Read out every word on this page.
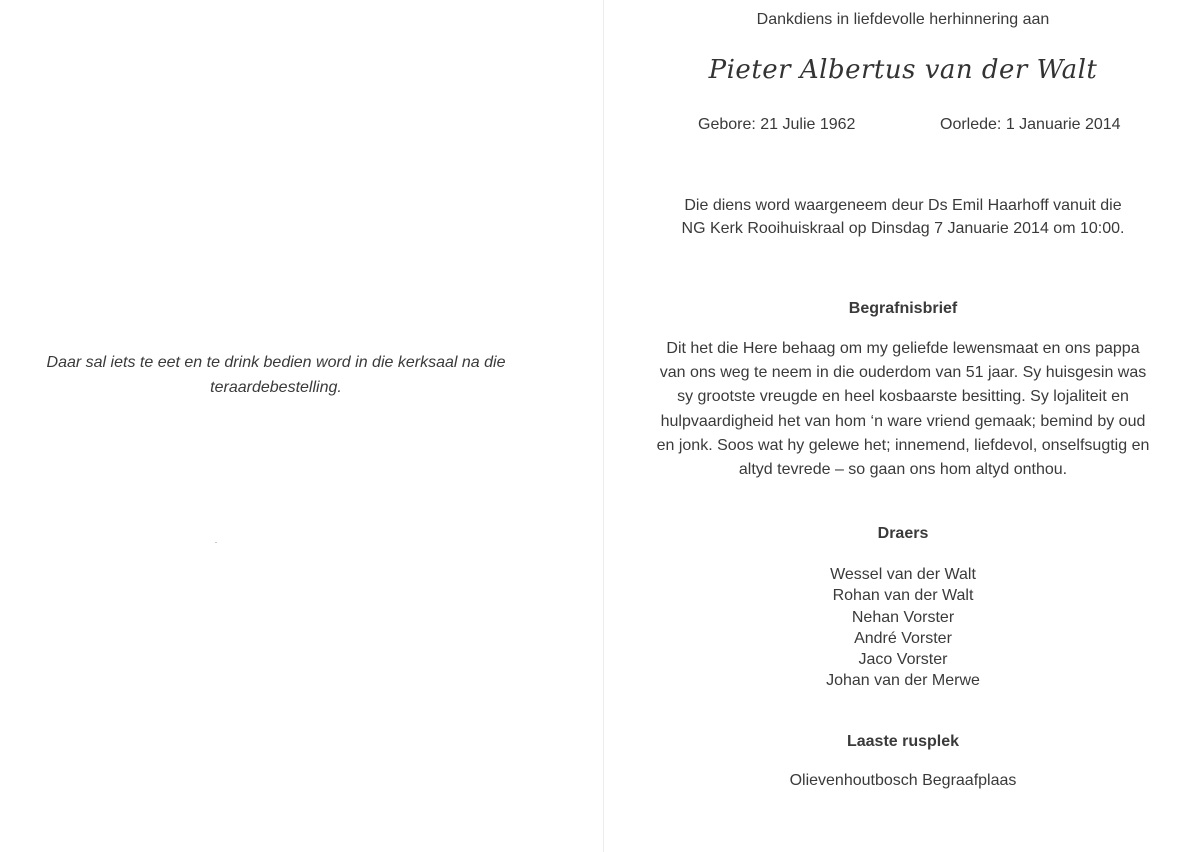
Daar sal iets te eet en te drink bedien word in die kerksaal na die teraardebestelling.
Dankdiens in liefdevolle herhinnering aan
Pieter Albertus van der Walt
Gebore: 21 Julie 1962	Oorlede: 1 Januarie 2014
Die diens word waargeneem deur Ds Emil Haarhoff vanuit die
NG Kerk Rooihuiskraal op Dinsdag 7 Januarie 2014 om 10:00.
Begrafnisbrief
Dit het die Here behaag om my geliefde lewensmaat en ons pappa van ons weg te neem in die ouderdom van 51 jaar. Sy huisgesin was sy grootste vreugde en heel kosbaarste besitting. Sy lojaliteit en hulpvaardigheid het van hom ‘n ware vriend gemaak; bemind by oud en jonk. Soos wat hy gelewe het; innemend, liefdevol, onselfsugtig en altyd tevrede – so gaan ons hom altyd onthou.
Draers
Wessel van der Walt
Rohan van der Walt
Nehan Vorster
André Vorster
Jaco Vorster
Johan van der Merwe
Laaste rusplek
Olievenhoutbosch Begraafplaas
